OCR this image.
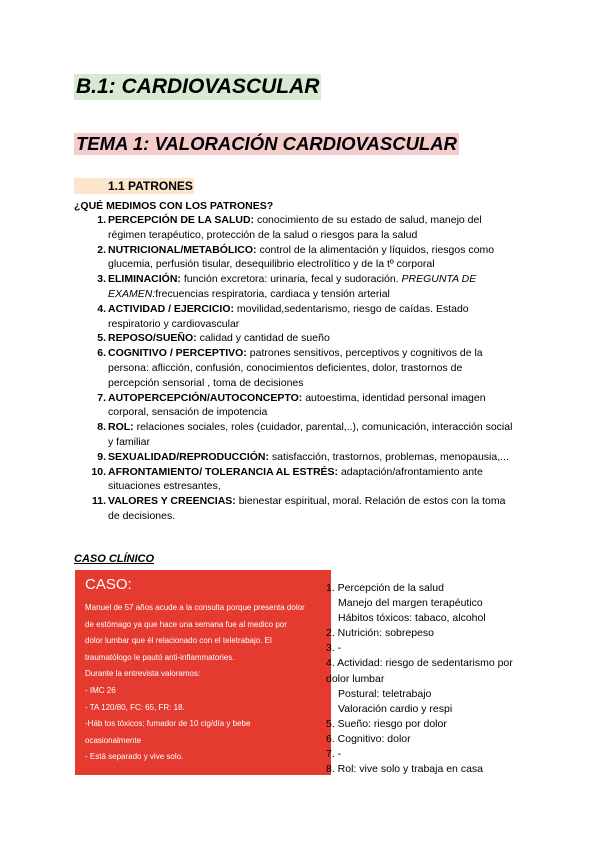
B.1: CARDIOVASCULAR
TEMA 1: VALORACIÓN CARDIOVASCULAR
1.1 PATRONES
¿QUÉ MEDIMOS CON LOS PATRONES?
1. PERCEPCIÓN DE LA SALUD: conocimiento de su estado de salud, manejo del régimen terapéutico, protección de la salud o riesgos para la salud
2. NUTRICIONAL/METABÓLICO: control de la alimentación y líquidos, riesgos como glucemia, perfusión tisular, desequilibrio electrolítico y de la tº corporal
3. ELIMINACIÓN: función excretora: urinaria, fecal y sudoración. PREGUNTA DE EXAMEN:frecuencias respiratoria, cardiaca y tensión arterial
4. ACTIVIDAD / EJERCICIO: movilidad,sedentarismo, riesgo de caídas. Estado respiratorio y cardiovascular
5. REPOSO/SUEÑO: calidad y cantidad de sueño
6. COGNITIVO / PERCEPTIVO: patrones sensitivos, perceptivos y cognitivos de la persona: aflicción, confusión, conocimientos deficientes, dolor, trastornos de percepción sensorial , toma de decisiones
7. AUTOPERCEPCIÓN/AUTOCONCEPTO: autoestima, identidad personal imagen corporal, sensación de impotencia
8. ROL: relaciones sociales, roles (cuidador, parental,..), comunicación, interacción social y familiar
9. SEXUALIDAD/REPRODUCCIÓN: satisfacción, trastornos, problemas, menopausia,...
10. AFRONTAMIENTO/ TOLERANCIA AL ESTRÉS: adaptación/afrontamiento ante situaciones estresantes,
11. VALORES Y CREENCIAS: bienestar espiritual, moral. Relación de estos con la toma de decisiones.
CASO CLÍNICO
CASO:
Manuel de 57 años acude a la consulta porque presenta dolor
de estómago ya que hace una semana fue al medico por
dolor lumbar que él relacionado con el teletrabajo. El
traumatólogo le pautó anti-inflammatories.
Durante la entrevista valoramos:
- IMC 26
- TA 120/80, FC: 65, FR: 18.
-Háb tos tóxicos: fumador de 10 cig/día y bebe
ocasionalmente
- Está separado y vive solo.
1. Percepción de la salud
Manejo del margen terapéutico
Hábitos tóxicos: tabaco, alcohol
2. Nutrición: sobrepeso
3. -
4. Actividad: riesgo de sedentarismo por
dolor lumbar
Postural: teletrabajo
Valoración cardio y respi
5. Sueño: riesgo por dolor
6. Cognitivo: dolor
7. -
8. Rol: vive solo y trabaja en casa
